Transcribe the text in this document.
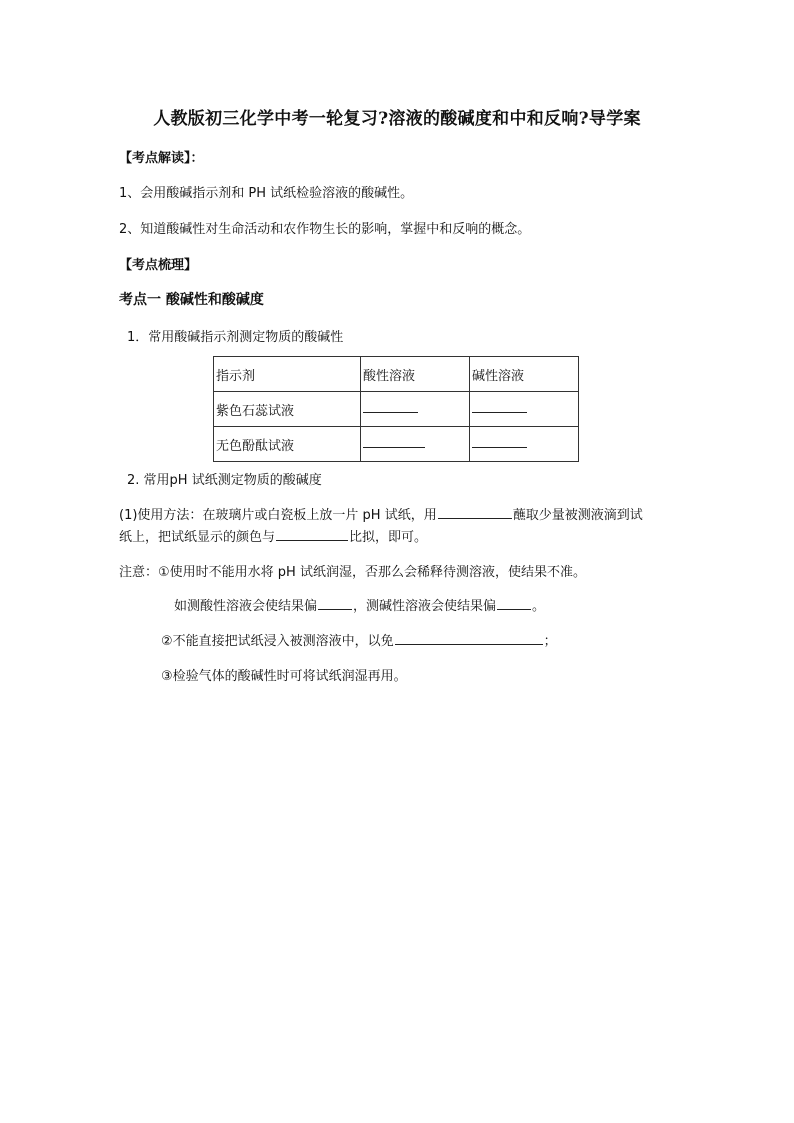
人教版初三化学中考一轮复习?溶液的酸碱度和中和反响?导学案
【考点解读】：
1、会用酸碱指示剂和 PH 试纸检验溶液的酸碱性。
2、知道酸碱性对生命活动和农作物生长的影响，掌握中和反响的概念。
【考点梳理】
考点一 酸碱性和酸碱度
1．常用酸碱指示剂测定物质的酸碱性
指示剂	酸性溶液	碱性溶液
紫色石蕊试液		
无色酚酞试液		
2. 常用pH 试纸测定物质的酸碱度
(1)使用方法：在玻璃片或白瓷板上放一片 pH 试纸，用	蘸取少量被测液滴到试
纸上，把试纸显示的颜色与	比拟，即可。
注意：①使用时不能用水将 pH 试纸润湿，否那么会稀释待测溶液，使结果不准。
如测酸性溶液会使结果偏	，测碱性溶液会使结果偏	。
②不能直接把试纸浸入被测溶液中，以免	；
③检验气体的酸碱性时可将试纸润湿再用。
